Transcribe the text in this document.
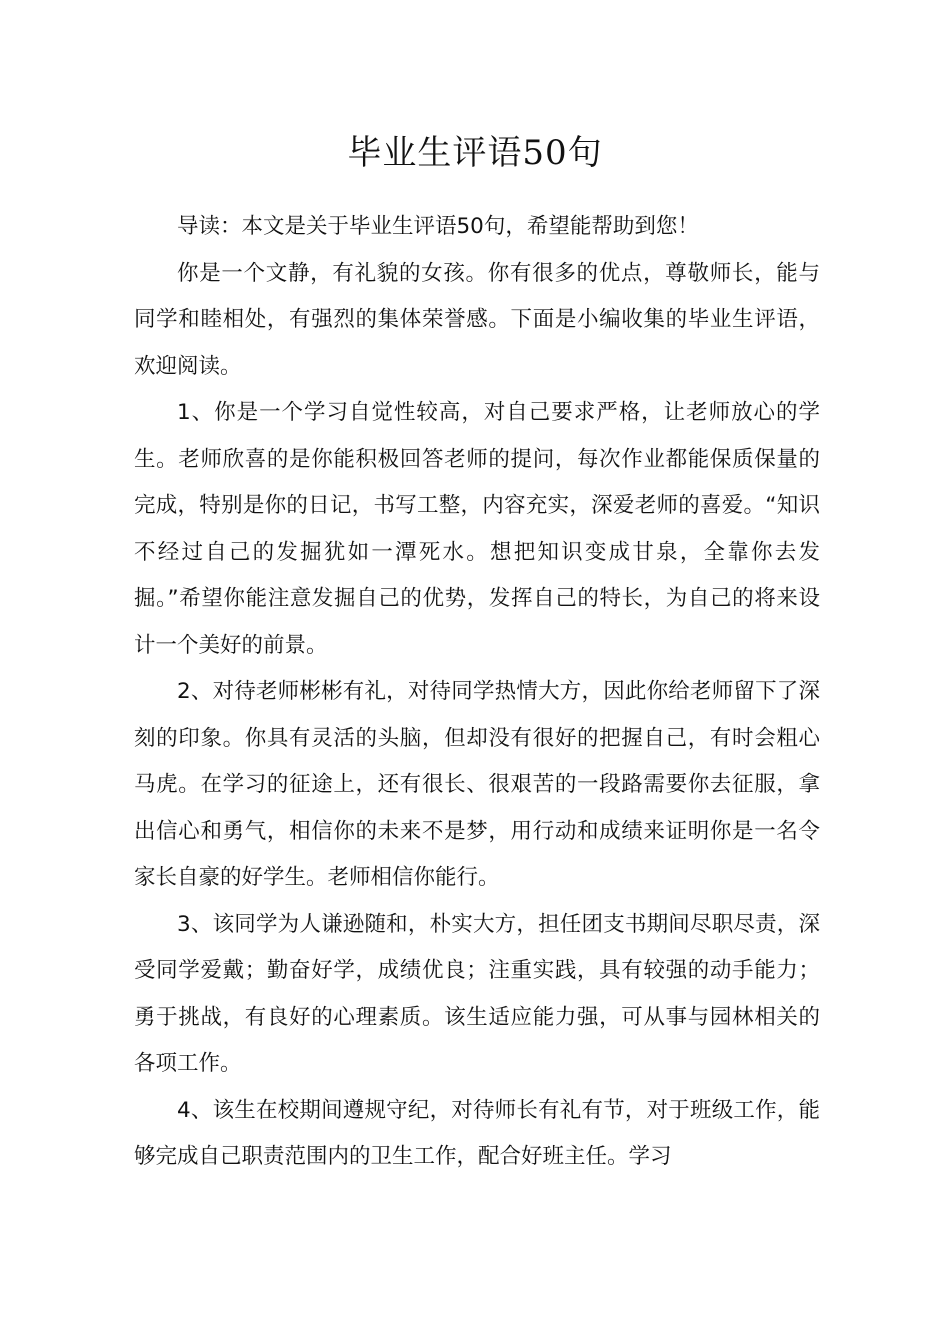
毕业生评语50句

导读：本文是关于毕业生评语50句，希望能帮助到您！

你是一个文静，有礼貌的女孩。你有很多的优点，尊敬师长，能与同学和睦相处，有强烈的集体荣誉感。下面是小编收集的毕业生评语，欢迎阅读。

1、你是一个学习自觉性较高，对自己要求严格，让老师放心的学生。老师欣喜的是你能积极回答老师的提问，每次作业都能保质保量的完成，特别是你的日记，书写工整，内容充实，深爱老师的喜爱。“知识不经过自己的发掘犹如一潭死水。想把知识变成甘泉，全靠你去发掘。”希望你能注意发掘自己的优势，发挥自己的特长，为自己的将来设计一个美好的前景。

2、对待老师彬彬有礼，对待同学热情大方，因此你给老师留下了深刻的印象。你具有灵活的头脑，但却没有很好的把握自己，有时会粗心马虎。在学习的征途上，还有很长、很艰苦的一段路需要你去征服，拿出信心和勇气，相信你的未来不是梦，用行动和成绩来证明你是一名令家长自豪的好学生。老师相信你能行。

3、该同学为人谦逊随和，朴实大方，担任团支书期间尽职尽责，深受同学爱戴；勤奋好学，成绩优良；注重实践，具有较强的动手能力；勇于挑战，有良好的心理素质。该生适应能力强，可从事与园林相关的各项工作。

4、该生在校期间遵规守纪，对待师长有礼有节，对于班级工作，能够完成自己职责范围内的卫生工作，配合好班主任。学习
